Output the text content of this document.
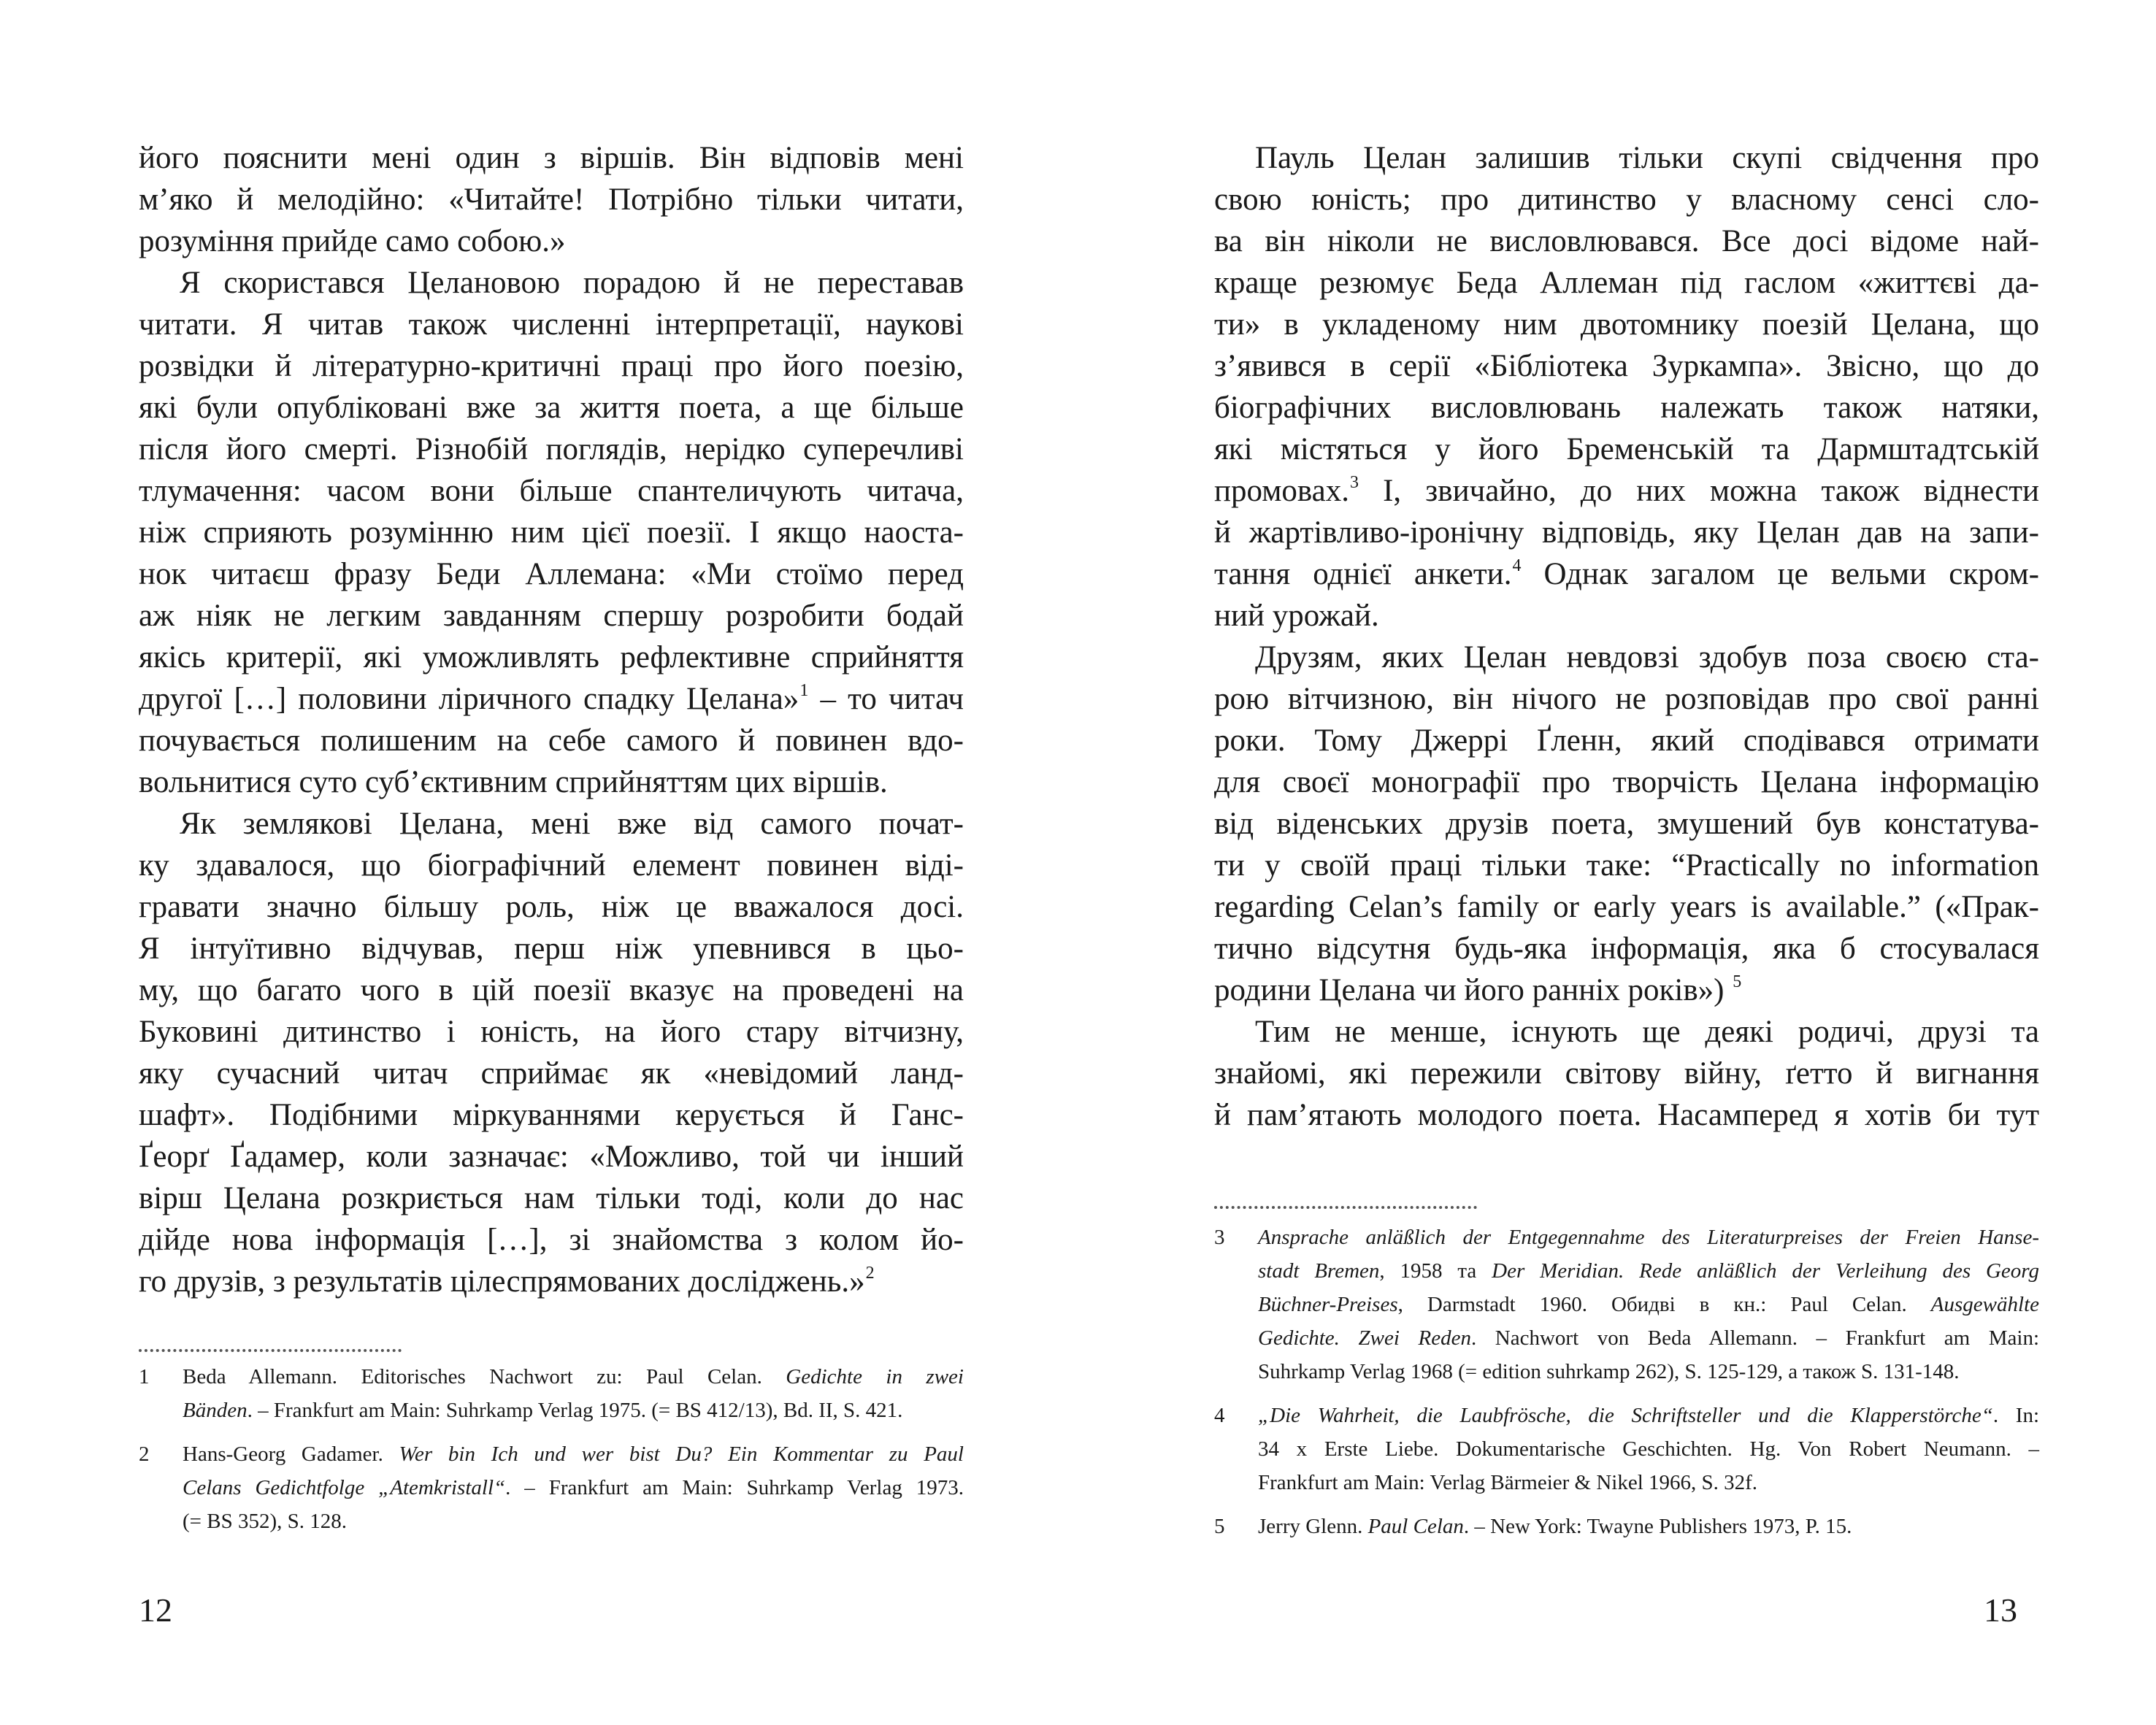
його пояснити мені один з віршів. Він відповів мені
м’яко й мелодійно: «Читайте! Потрібно тільки читати,
розуміння прийде само собою.»
Я скористався Целановою порадою й не переставав
читати. Я читав також численні інтерпретації, наукові
розвідки й літературно-критичні праці про його поезію,
які були опубліковані вже за життя поета, а ще більше
після його смерті. Різнобій поглядів, нерідко суперечливі
тлумачення: часом вони більше спантеличують читача,
ніж сприяють розумінню ним цієї поезії. І якщо наоста-
нок читаєш фразу Беди Аллемана: «Ми стоїмо перед
аж ніяк не легким завданням спершу розробити бодай
якісь критерії, які уможливлять рефлективне сприйняття
другої […] половини ліричного спадку Целана»$^1$ – то читач
почувається полишеним на себе самого й повинен вдо-
вольнитися суто суб’єктивним сприйняттям цих віршів.
Як землякові Целана, мені вже від самого почат-
ку здавалося, що біографічний елемент повинен віді-
гравати значно більшу роль, ніж це вважалося досі.
Я інтуїтивно відчував, перш ніж упевнився в цьо-
му, що багато чого в цій поезії вказує на проведені на
Буковині дитинство і юність, на його стару вітчизну,
яку сучасний читач сприймає як «невідомий ланд-
шафт». Подібними міркуваннями керується й Ганс-
Ґеорґ Ґадамер, коли зазначає: «Можливо, той чи інший
вірш Целана розкриється нам тільки тоді, коли до нас
дійде нова інформація […], зі знайомства з колом йо-
го друзів, з результатів цілеспрямованих досліджень.»$^2$
1 Beda Allemann. Editorisches Nachwort zu: Paul Celan. Gedichte in zwei
Bänden. – Frankfurt am Main: Suhrkamp Verlag 1975. (= BS 412/13), Bd. II, S. 421.
2 Hans-Georg Gadamer. Wer bin Ich und wer bist Du? Ein Kommentar zu Paul
Celans Gedichtfolge „Atemkristall“. – Frankfurt am Main: Suhrkamp Verlag 1973.
(= BS 352), S. 128.
12
Пауль Целан залишив тільки скупі свідчення про
свою юність; про дитинство у власному сенсі сло-
ва він ніколи не висловлювався. Все досі відоме най-
краще резюмує Беда Аллеман під гаслом «життєві да-
ти» в укладеному ним двотомнику поезій Целана, що
з’явився в серії «Бібліотека Зуркампа». Звісно, що до
біографічних висловлювань належать також натяки,
які містяться у його Бременській та Дармштадтській
промовах.$^3$ І, звичайно, до них можна також віднести
й жартівливо-іронічну відповідь, яку Целан дав на запи-
тання однієї анкети.$^4$ Однак загалом це вельми скром-
ний урожай.
Друзям, яких Целан невдовзі здобув поза своєю ста-
рою вітчизною, він нічого не розповідав про свої ранні
роки. Тому Джеррі Ґленн, який сподівався отримати
для своєї монографії про творчість Целана інформацію
від віденських друзів поета, змушений був констатува-
ти у своїй праці тільки таке: “Practically no information
regarding Celan’s family or early years is available.” («Прак-
тично відсутня будь-яка інформація, яка б стосувалася
родини Целана чи його ранніх років») $^5$
Тим не менше, існують ще деякі родичі, друзі та
знайомі, які пережили світову війну, ґетто й вигнання
й пам’ятають молодого поета. Насамперед я хотів би тут
3 Ansprache anläßlich der Entgegennahme des Literaturpreises der Freien Hanse-
stadt Bremen, 1958 та Der Meridian. Rede anläßlich der Verleihung des Georg
Büchner-Preises, Darmstadt 1960. Обидві в кн.: Paul Celan. Ausgewählte
Gedichte. Zwei Reden. Nachwort von Beda Allemann. – Frankfurt am Main:
Suhrkamp Verlag 1968 (= edition suhrkamp 262), S. 125-129, а також S. 131-148.
4 „Die Wahrheit, die Laubfrösche, die Schriftsteller und die Klapperstörche“. In:
34 x Erste Liebe. Dokumentarische Geschichten. Hg. Von Robert Neumann. –
Frankfurt am Main: Verlag Bärmeier & Nikel 1966, S. 32f.
5 Jerry Glenn. Paul Celan. – New York: Twayne Publishers 1973, P. 15.
13
